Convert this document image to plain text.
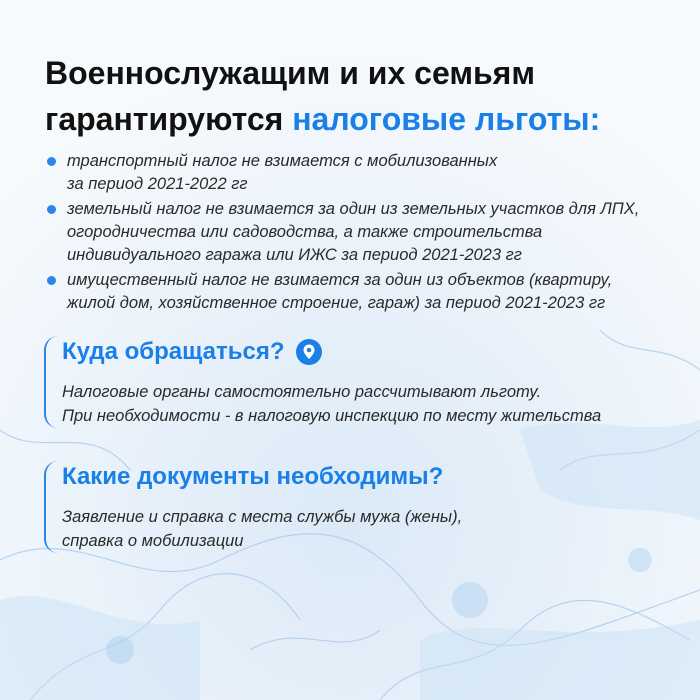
Военнослужащим и их семьям
гарантируются налоговые льготы:
транспортный налог не взимается с мобилизованных
за период 2021-2022 гг
земельный налог не взимается за один из земельных участков для ЛПХ,
огородничества или садоводства, а также строительства
индивидуального гаража или ИЖС за период 2021-2023 гг
имущественный налог не взимается за один из объектов (квартиру,
жилой дом, хозяйственное строение, гараж) за период 2021-2023 гг
Куда обращаться?
Налоговые органы самостоятельно рассчитывают льготу.
При необходимости - в налоговую инспекцию по месту жительства
Какие документы необходимы?
Заявление и справка с места службы мужа (жены),
справка о мобилизации
